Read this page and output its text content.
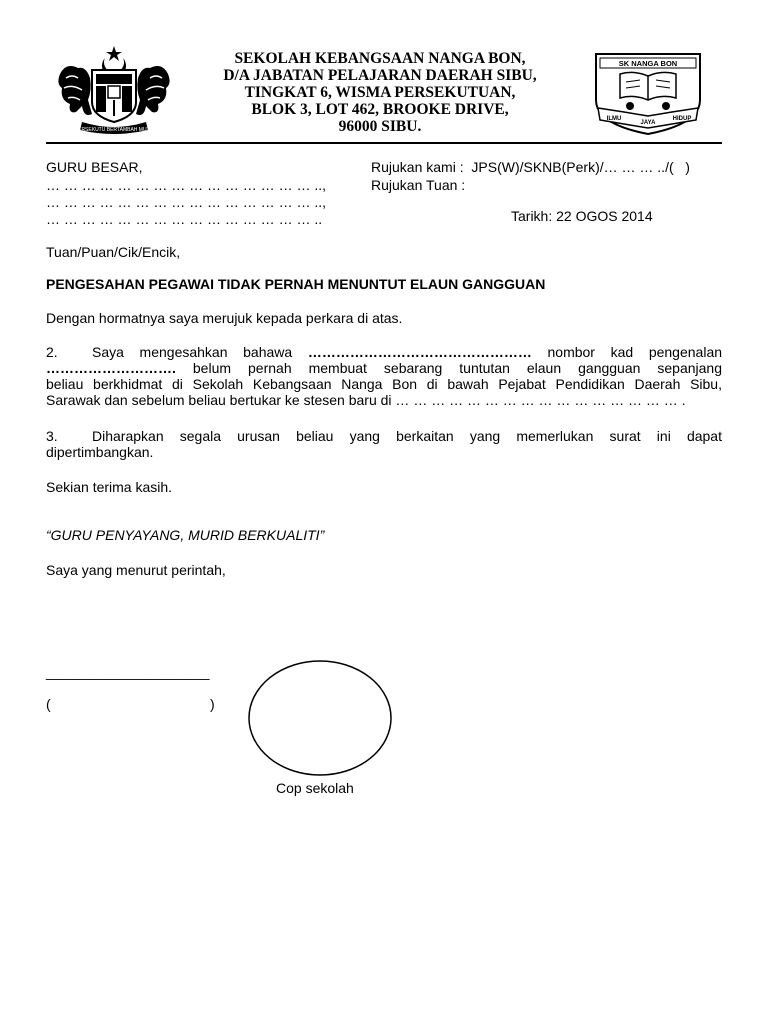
BERSEKUTU BERTAMBAH MUTU
SEKOLAH KEBANGSAAN NANGA BON,
D/A JABATAN PELAJARAN DAERAH SIBU,
TINGKAT 6, WISMA PERSEKUTUAN,
BLOK 3, LOT 462, BROOKE DRIVE,
96000 SIBU.
SK NANGA BON
ILMU
JAYA
HIDUP
GURU BESAR,
… … … … … … … … … … … … … … … ..,
… … … … … … … … … … … … … … … ..,
… … … … … … … … … … … … … … … ..
Rujukan kami :  JPS(W)/SKNB(Perk)/… … … ../(   )
Rujukan Tuan :
Tarikh: 22 OGOS 2014
Tuan/Puan/Cik/Encik,
PENGESAHAN PEGAWAI TIDAK PERNAH MENUNTUT ELAUN GANGGUAN
Dengan hormatnya saya merujuk kepada perkara di atas.
2. Saya mengesahkan bahawa ………………………………………… nombor kad pengenalan
………………………. belum pernah membuat sebarang tuntutan elaun gangguan sepanjang
beliau berkhidmat di Sekolah Kebangsaan Nanga Bon di bawah Pejabat Pendidikan Daerah Sibu,
Sarawak dan sebelum beliau bertukar ke stesen baru di … … … … … … … … … … … … … … … … .
3. Diharapkan segala urusan beliau yang berkaitan yang memerlukan surat ini dapat
dipertimbangkan.
Sekian terima kasih.
“GURU PENYAYANG, MURID BERKUALITI”
Saya yang menurut perintah,
_____________________
(	)
Cop sekolah
